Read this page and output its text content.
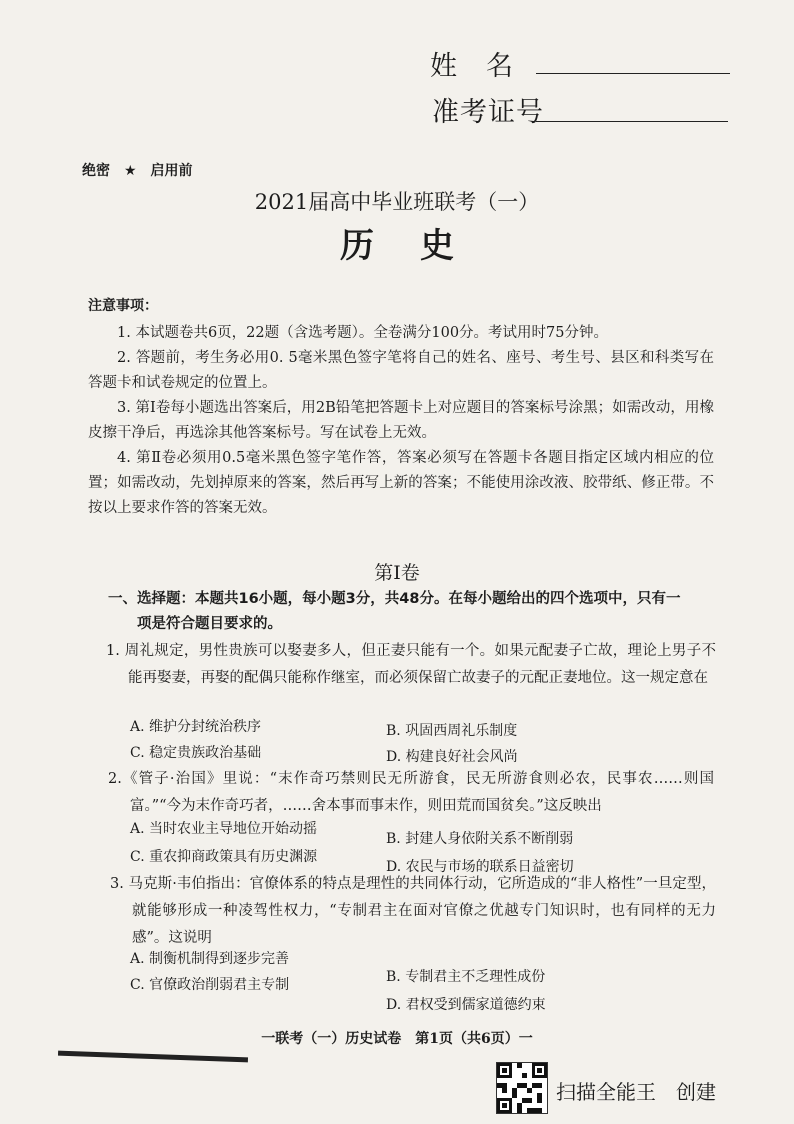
姓　名
准考证号
绝密　★　启用前
2021届高中毕业班联考（一）
历史
注意事项：
1. 本试题卷共6页，22题（含选考题）。全卷满分100分。考试用时75分钟。
2. 答题前，考生务必用0. 5毫米黑色签字笔将自己的姓名、座号、考生号、县区和科类写在答题卡和试卷规定的位置上。
3. 第Ⅰ卷每小题选出答案后，用2B铅笔把答题卡上对应题目的答案标号涂黑；如需改动，用橡皮擦干净后，再选涂其他答案标号。写在试卷上无效。
4. 第Ⅱ卷必须用0.5毫米黑色签字笔作答，答案必须写在答题卡各题目指定区域内相应的位置；如需改动，先划掉原来的答案，然后再写上新的答案；不能使用涂改液、胶带纸、修正带。不按以上要求作答的答案无效。
第Ⅰ卷
一、选择题：本题共16小题，每小题3分，共48分。在每小题给出的四个选项中，只有一
项是符合题目要求的。
1. 周礼规定，男性贵族可以娶妻多人，但正妻只能有一个。如果元配妻子亡故，理论上男子不能再娶妻，再娶的配偶只能称作继室，而必须保留亡故妻子的元配正妻地位。这一规定意在
A. 维护分封统治秩序	B. 巩固西周礼乐制度
C. 稳定贵族政治基础	D. 构建良好社会风尚
2.《管子·治国》里说：“末作奇巧禁则民无所游食，民无所游食则必农，民事农……则国富。”“今为末作奇巧者，……舍本事而事末作，则田荒而国贫矣。”这反映出
A. 当时农业主导地位开始动摇
B. 封建人身依附关系不断削弱
C. 重农抑商政策具有历史渊源
D. 农民与市场的联系日益密切
3. 马克斯·韦伯指出：官僚体系的特点是理性的共同体行动，它所造成的“非人格性”一旦定型，就能够形成一种凌驾性权力，“专制君主在面对官僚之优越专门知识时，也有同样的无力感”。这说明
A. 制衡机制得到逐步完善
B. 专制君主不乏理性成份
C. 官僚政治削弱君主专制
D. 君权受到儒家道德约束
一联考（一）历史试卷　第1页（共6页）一
扫描全能王　创建
